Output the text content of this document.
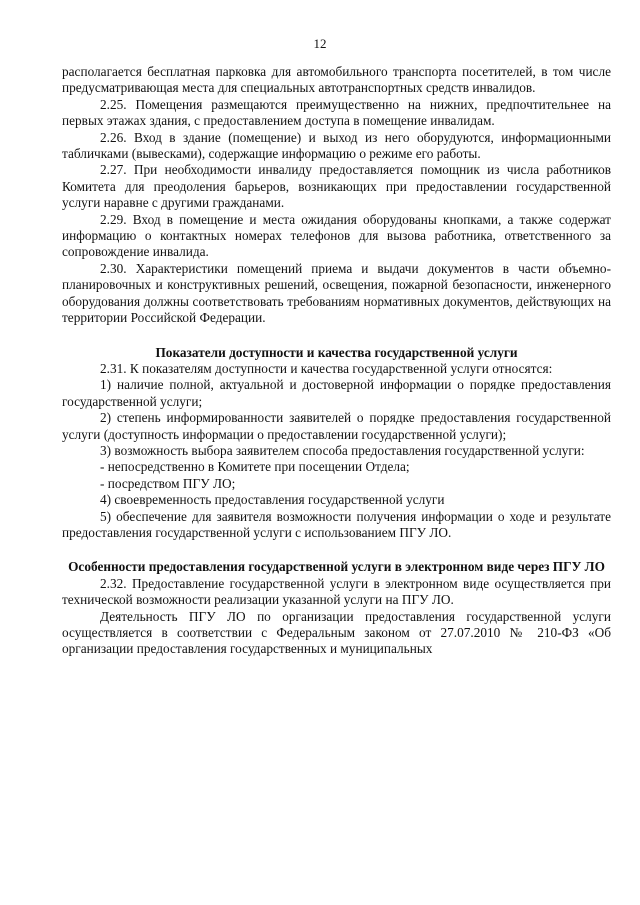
12

располагается бесплатная парковка для автомобильного транспорта посетителей, в том числе предусматривающая места для специальных автотранспортных средств инвалидов.

2.25. Помещения размещаются преимущественно на нижних, предпочтительнее на первых этажах здания, с предоставлением доступа в помещение инвалидам.

2.26. Вход в здание (помещение) и выход из него оборудуются, информационными табличками (вывесками), содержащие информацию о режиме его работы.

2.27. При необходимости инвалиду предоставляется помощник из числа работников Комитета для преодоления барьеров, возникающих при предоставлении государственной услуги наравне с другими гражданами.

2.29. Вход в помещение и места ожидания оборудованы кнопками, а также содержат информацию о контактных номерах телефонов для вызова работника, ответственного за сопровождение инвалида.

2.30. Характеристики помещений приема и выдачи документов в части объемно-планировочных и конструктивных решений, освещения, пожарной безопасности, инженерного оборудования должны соответствовать требованиям нормативных документов, действующих на территории Российской Федерации.

Показатели доступности и качества государственной услуги

2.31. К показателям доступности и качества государственной услуги относятся:

1) наличие полной, актуальной и достоверной информации о порядке предоставления государственной услуги;

2) степень информированности заявителей о порядке предоставления государственной услуги (доступность информации о предоставлении государственной услуги);

3) возможность выбора заявителем способа предоставления государственной услуги:

- непосредственно в Комитете при посещении Отдела;

- посредством ПГУ ЛО;

4) своевременность предоставления государственной услуги

5) обеспечение для заявителя возможности получения информации о ходе и результате предоставления государственной услуги с использованием ПГУ ЛО.

Особенности предоставления государственной услуги в электронном виде через ПГУ ЛО

2.32. Предоставление государственной услуги в электронном виде осуществляется при технической возможности реализации указанной услуги на ПГУ ЛО.

Деятельность ПГУ ЛО по организации предоставления государственной услуги осуществляется в соответствии с Федеральным законом от 27.07.2010 № 210-ФЗ «Об организации предоставления государственных и муниципальных
